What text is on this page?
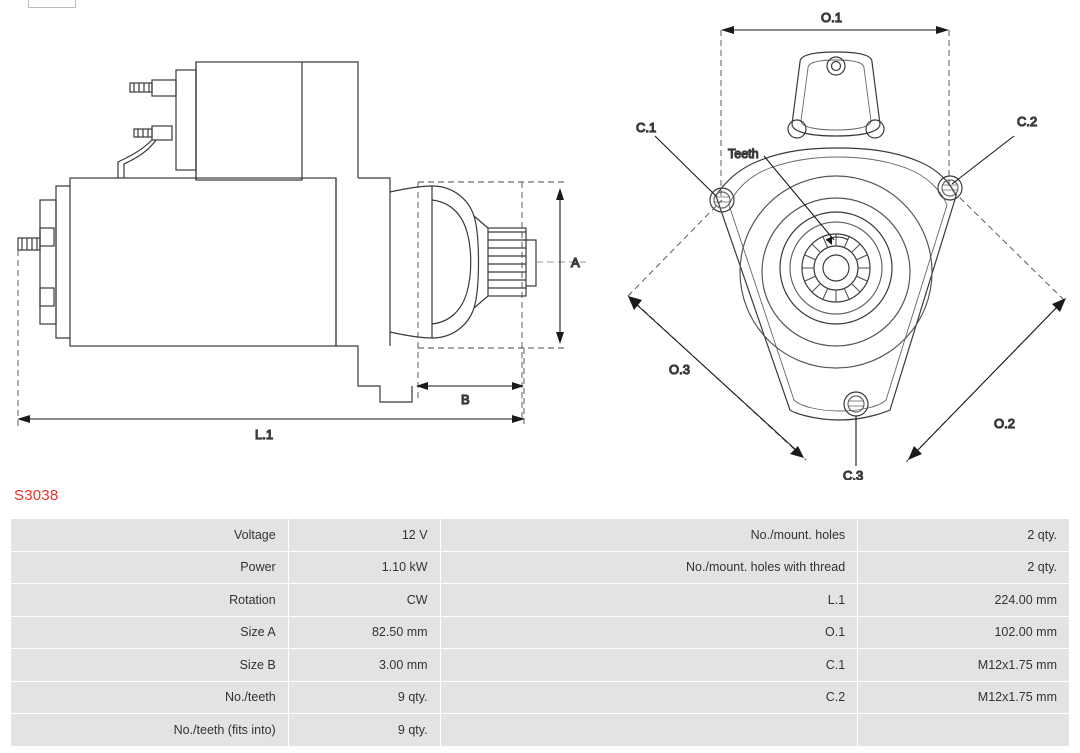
A
B
L.1
O.1
O.2
O.3
C.1	C.2
C.3
Teeth
S3038
Voltage	12 V	No./mount. holes	2 qty.
Power	1.10 kW	No./mount. holes with thread	2 qty.
Rotation	CW	L.1	224.00 mm
Size A	82.50 mm	O.1	102.00 mm
Size B	3.00 mm	C.1	M12x1.75 mm
No./teeth	9 qty.	C.2	M12x1.75 mm
No./teeth (fits into)	9 qty.		
